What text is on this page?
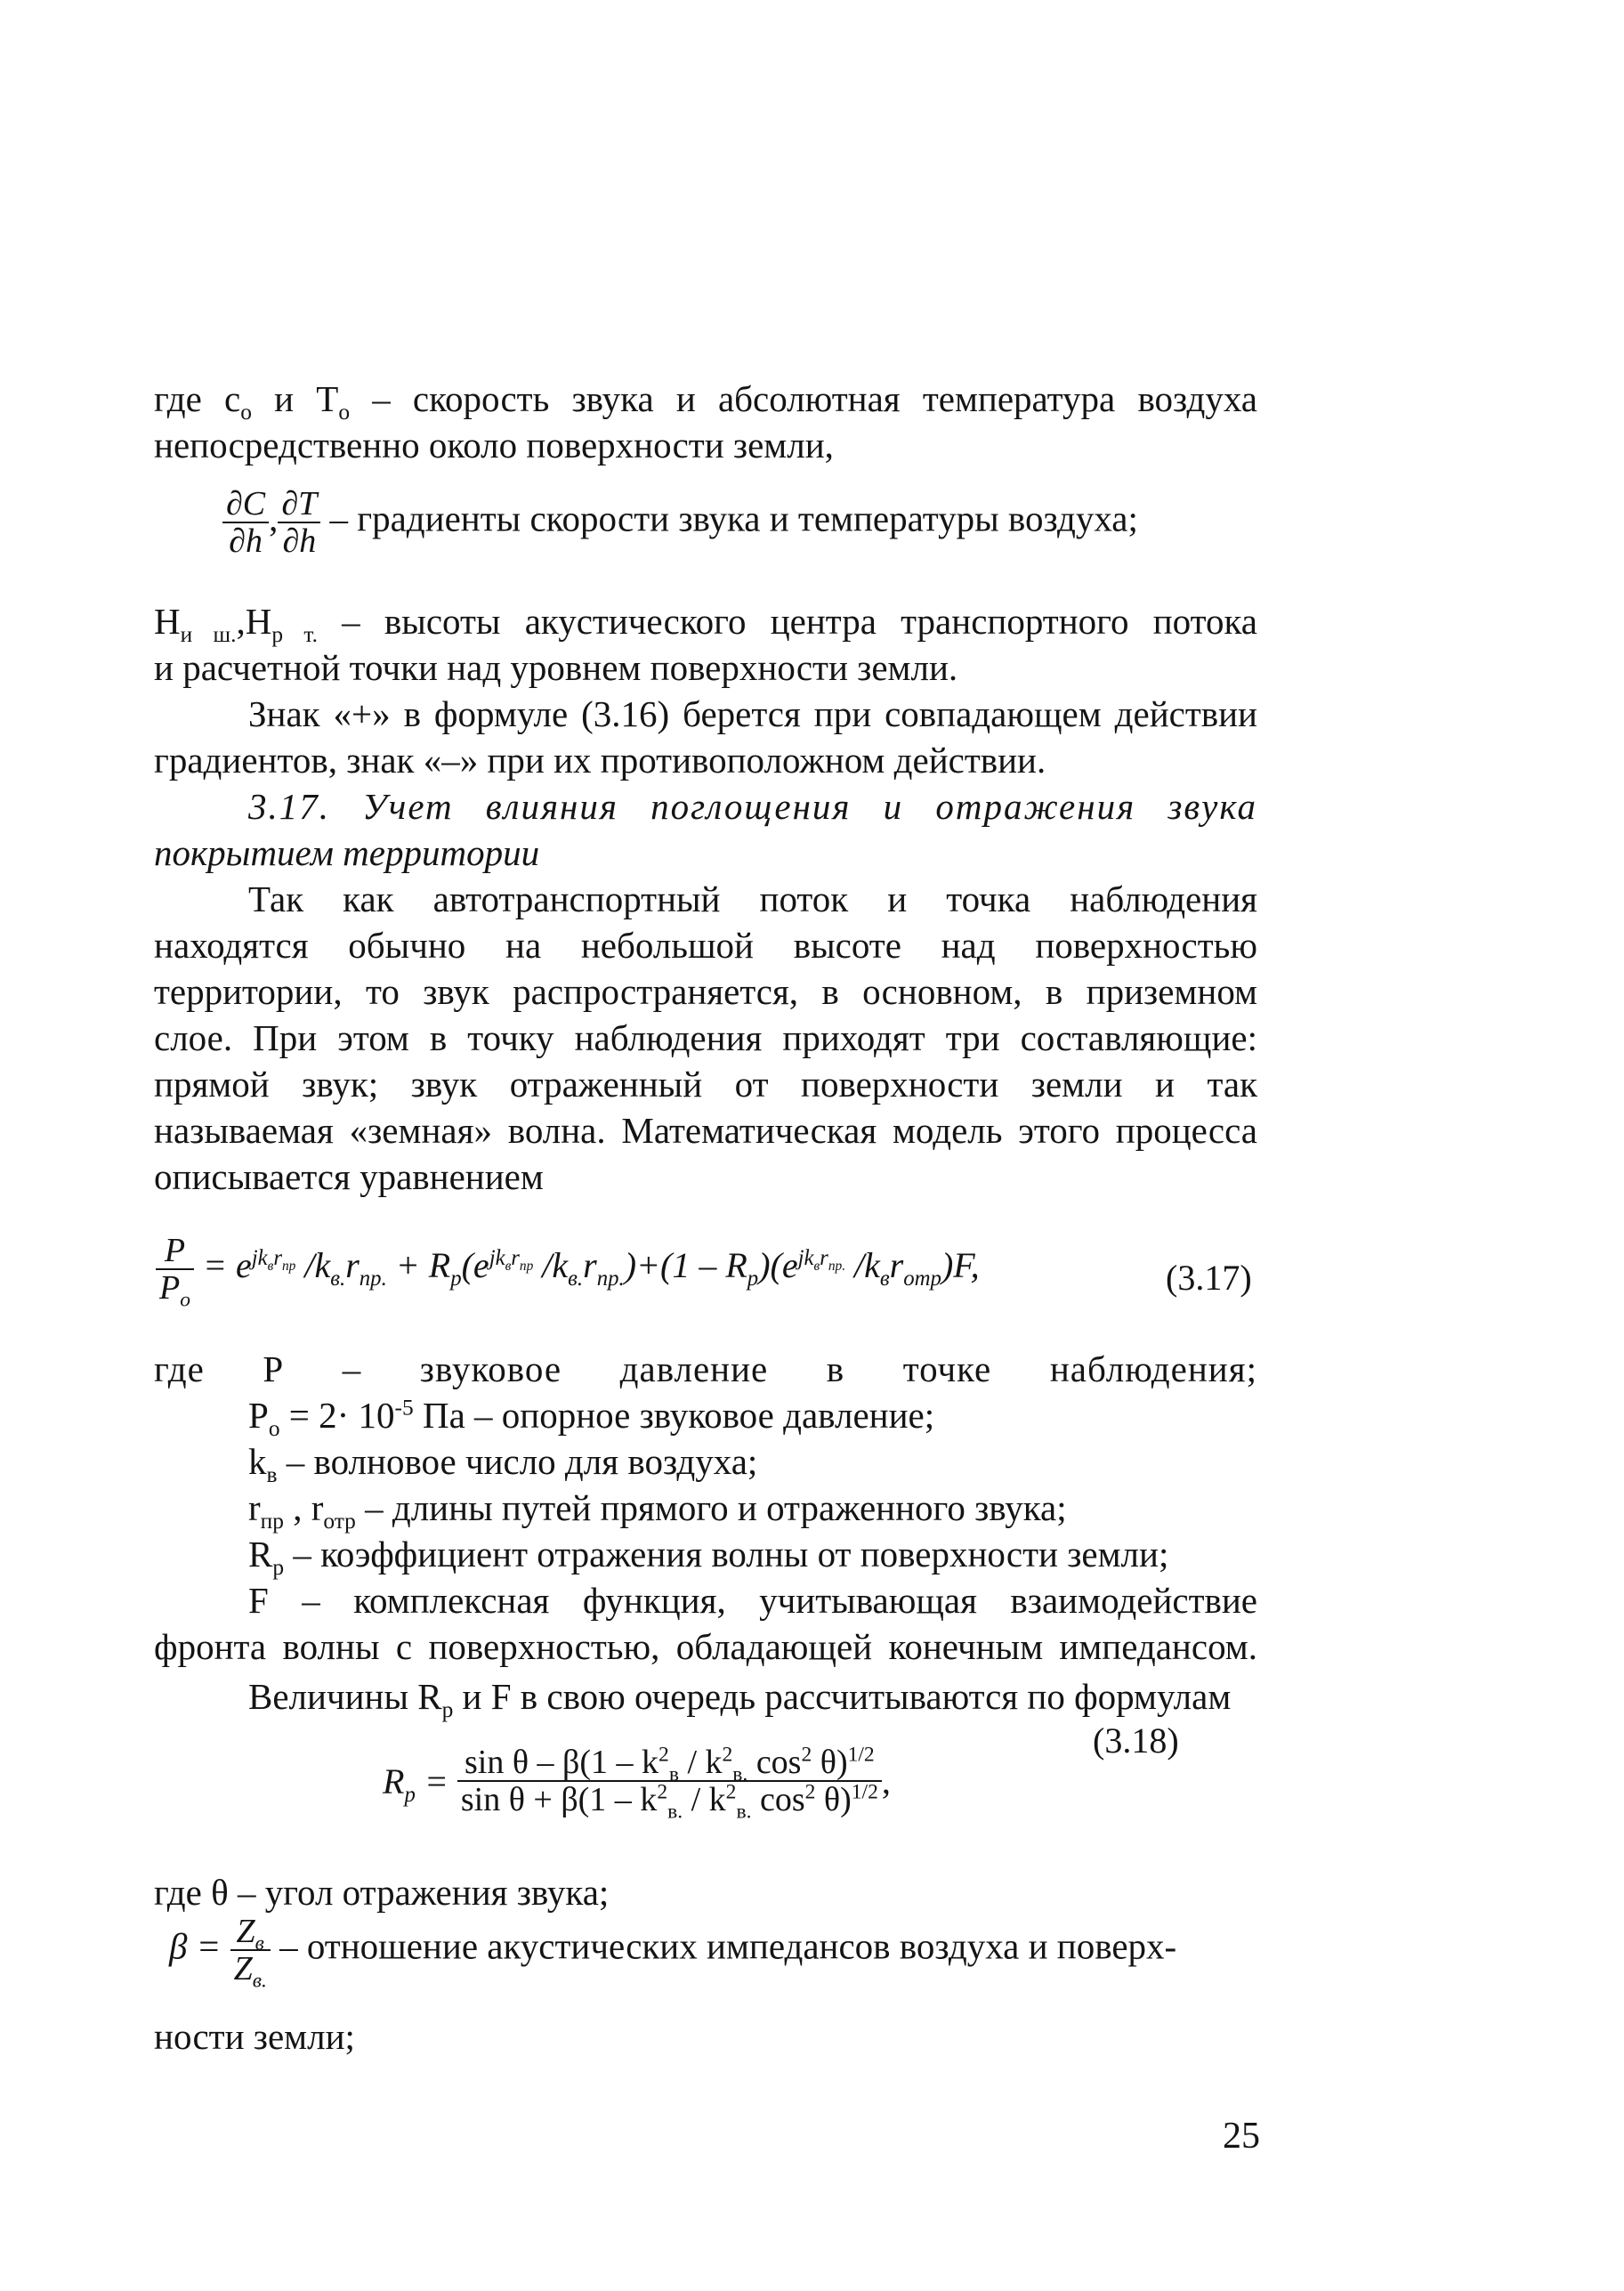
где $с_о$ и $Т_о$ – скорость звука и абсолютная температура воздуха
непосредственно около поверхности земли,
$\frac{\partial C}{\partial h}$ , $\frac{\partial T}{\partial h}$ – градиенты скорости звука и температуры воздуха;
$H_{и ш.},H_{р т.}$ – высоты акустического центра транспортного потока
и расчетной точки над уровнем поверхности земли.
Знак «+» в формуле (3.16) берется при совпадающем действии
градиентов, знак «–» при их противоположном действии.
3.17. Учет влияния поглощения и отражения звука
покрытием территории
Так как автотранспортный поток и точка наблюдения
находятся обычно на небольшой высоте над поверхностью
территории, то звук распространяется, в основном, в приземном
слое. При этом в точку наблюдения приходят три составляющие:
прямой звук; звук отраженный от поверхности земли и так
называемая «земная» волна. Математическая модель этого процесса
описывается уравнением
$\frac{P}{P_o} = e^{jk_вr_{пр}}$ $/k_{в.}r_{пр.} + R_р(e^{jk_вr_{пр}}$ $/k_{в.}r_{пр.})+(1 - R_р)(e^{jk_вr_{пр.}}$ $/k_вr_{отр})F$,	(3.17)
где Р – звуковое давление в точке наблюдения;
$Р_о = 2\cdot 10^{-5}$ Па – опорное звуковое давление;
$k_в$ – волновое число для воздуха;
$r_{пр}$ , $r_{отр}$ – длины путей прямого и отраженного звука;
$R_р$ – коэффициент отражения волны от поверхности земли;
F – комплексная функция, учитывающая взаимодействие
фронта волны с поверхностью, обладающей конечным импедансом.
Величины $R_р$ и F в свою очередь рассчитываются по формулам
(3.18)
$R_р = \frac{\sin \theta - \beta(1 - k^2_в / k^2_{в.} \cos^2 \theta)^{1/2}}{\sin \theta + \beta(1 - k^2_{в.} / k^2_{в.} \cos^2 \theta)^{1/2}}$ ,
где θ – угол отражения звука;
$\beta = \frac{Z_в}{Z_{в.}}$ – отношение акустических импедансов воздуха и поверх-
ности земли;
25
